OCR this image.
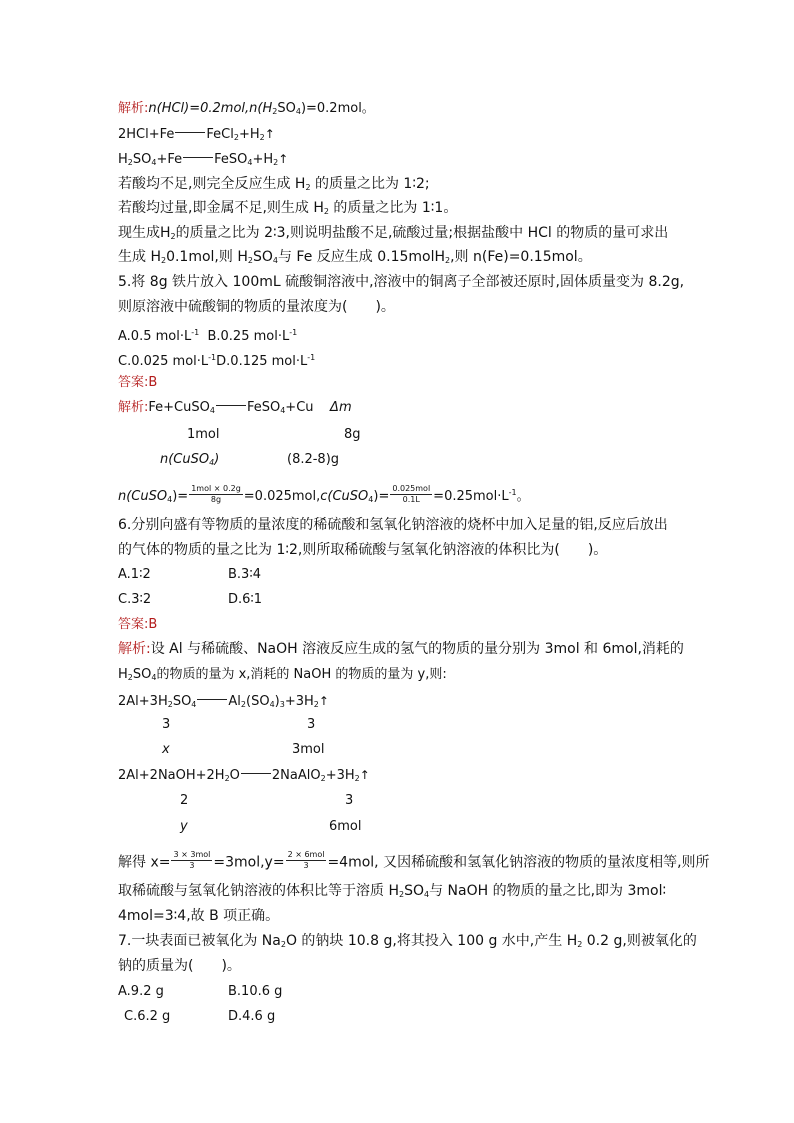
解析$:n(HCl)=0.2mol,n(H_2SO_4)=0.2mol$。
2HCl+Fe $FeCl_2+H_2↑$
$H_2SO_4+Fe$ $FeSO_4+H_2↑$
若酸均不足,则完全反应生成 $H_2$ 的质量之比为 1∶2;
若酸均过量,即金属不足,则生成 $H_2$ 的质量之比为 1∶1。
现生成$H_2$的质量之比为 2∶3,则说明盐酸不足,硫酸过量;根据盐酸中 HCl 的物质的量可求出
生成 $H_20.1mol$,则 $H_2SO_4$与 Fe 反应生成 0.15molH$_2$,则 n(Fe)=0.15mol。
5.将 8g 铁片放入 100mL 硫酸铜溶液中,溶液中的铜离子全部被还原时,固体质量变为 8.2g,
则原溶液中硫酸铜的物质的量浓度为(　　)。
A.0.5 $mol\cdot L^{-1}$ B.0.25 $mol\cdot L^{-1}$
C.0.025 $mol\cdot L^{-1}D.0.125$ $mol\cdot L^{-1}$
答案:B
解析:Fe+CuSO$_4$ FeSO$_4$+Cu Δm
1mol	8g
n(CuSO$_4$)	(8.2-8)g
n(CuSO$_4$)= $\frac{\text{1mol × 0.2g}}{8g}$ =0.025mol,c(CuSO$_4$)= $\frac{\text{0.025mol}}{0.1L} =0.25mol\cdot L^{-1}$。
6.分别向盛有等物质的量浓度的稀硫酸和氢氧化钠溶液的烧杯中加入足量的铝,反应后放出
的气体的物质的量之比为 1∶2,则所取稀硫酸与氢氧化钠溶液的体积比为(　　)。
A.1∶2	B.3∶4
C.3∶2	D.6∶1
答案:B
解析:设 Al 与稀硫酸、NaOH 溶液反应生成的氢气的物质的量分别为 3mol 和 6mol,消耗的
$H_2SO_4$的物质的量为 x,消耗的 NaOH 的物质的量为 y,则:
$2Al+3H_2SO_4$ $Al_2(SO_4)_3+3H_2↑$
3	3
x	3mol
$2Al+2NaOH+2H_2O$ $2NaAlO_2+3H_2↑$
2	3
y	6mol
解得 $x= \frac{\text{3 × 3mol}}{3} =3mol,y= \frac{\text{2 × 6mol}}{3} =4mol$, 又因稀硫酸和氢氧化钠溶液的物质的量浓度相等,则所
取稀硫酸与氢氧化钠溶液的体积比等于溶质 $H_2SO_4$与 NaOH 的物质的量之比,即为 3mol∶
4mol=3∶4,故 B 项正确。
7.一块表面已被氧化为 $Na_2O$ 的钠块 10.8 g,将其投入 100 g 水中,产生 $H_2$ 0.2 g,则被氧化的
钠的质量为(　　)。
A.9.2 g	B.10.6 g
C.6.2 g	D.4.6 g
